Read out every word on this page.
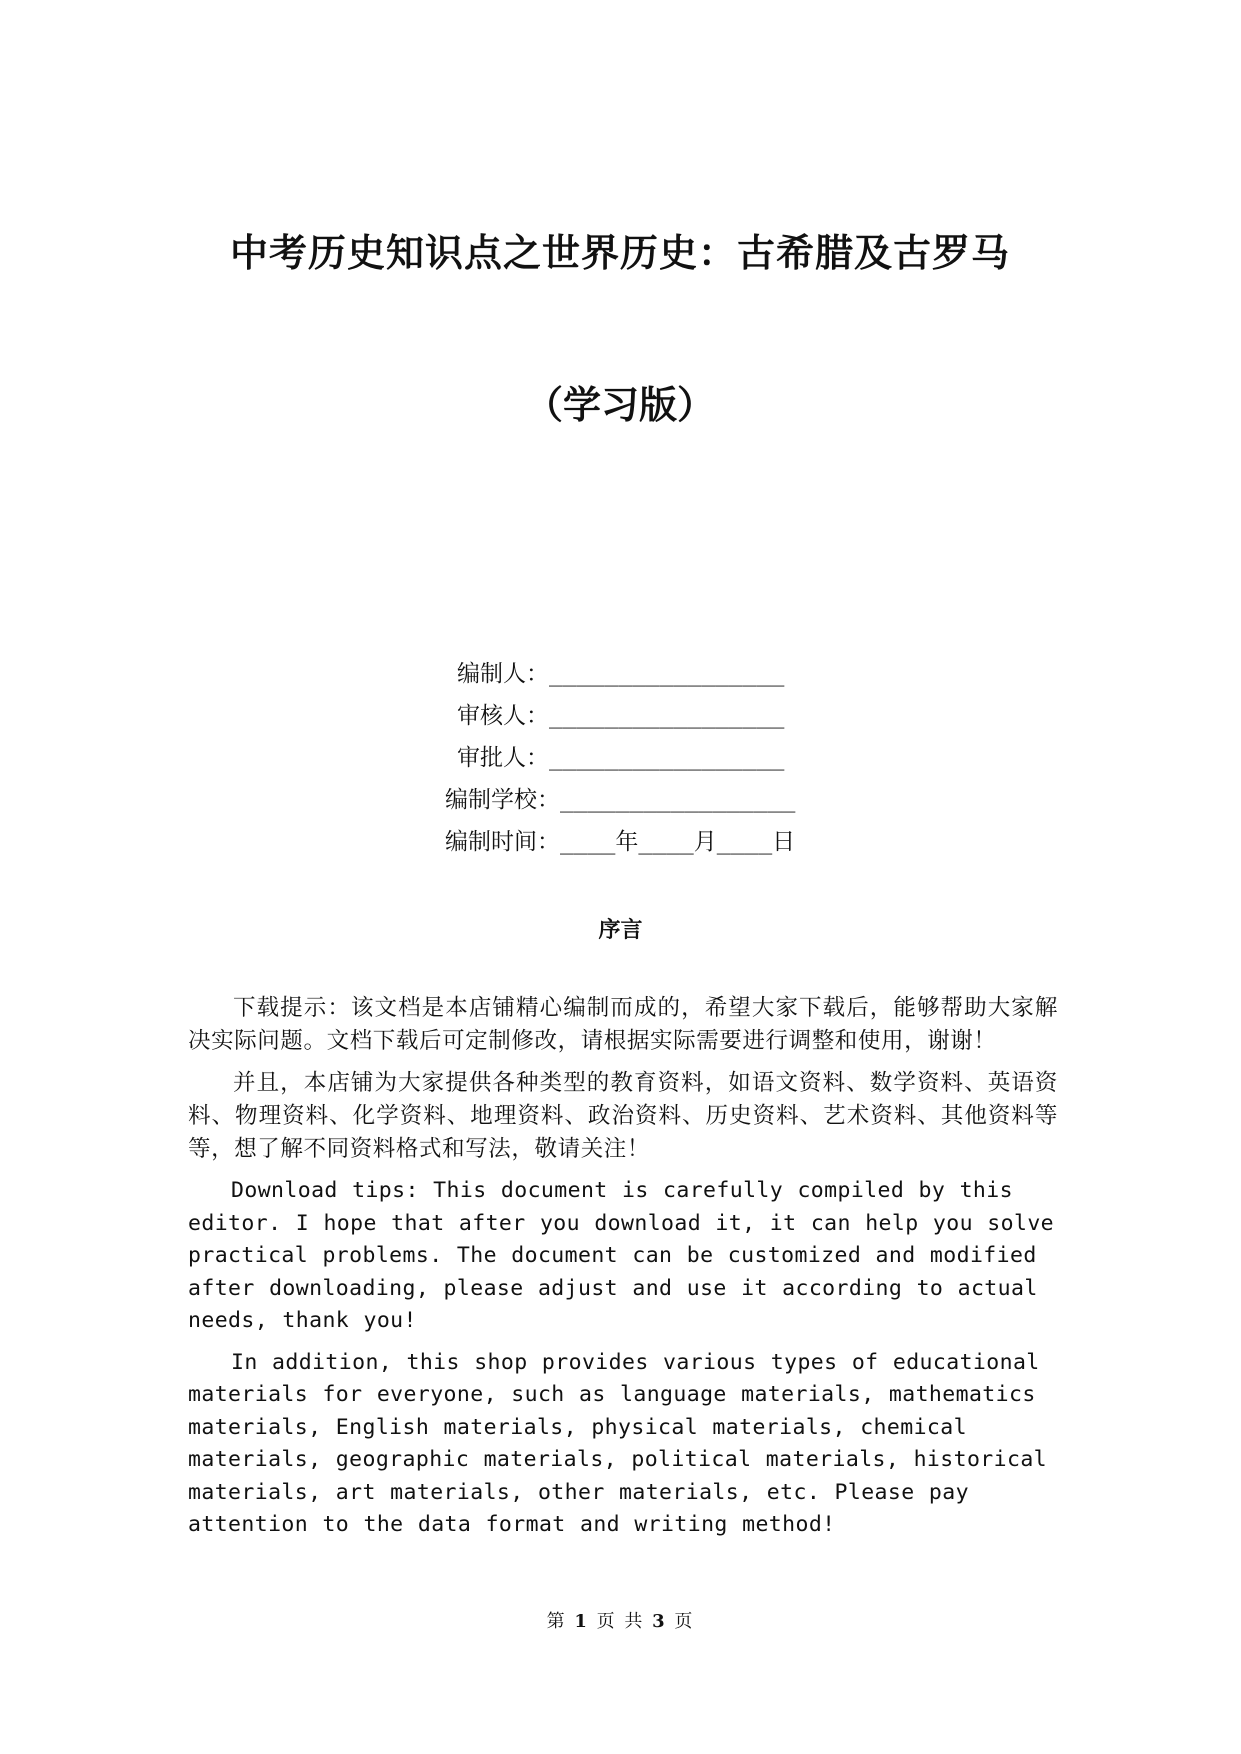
中考历史知识点之世界历史：古希腊及古罗马
（学习版）
编制人：_________________
审核人：_________________
审批人：_________________
编制学校：_________________
编制时间：____年____月____日
序言

下载提示：该文档是本店铺精心编制而成的，希望大家下载后，能够帮助大家解决实际问题。文档下载后可定制修改，请根据实际需要进行调整和使用，谢谢！

并且，本店铺为大家提供各种类型的教育资料，如语文资料、数学资料、英语资料、物理资料、化学资料、地理资料、政治资料、历史资料、艺术资料、其他资料等等，想了解不同资料格式和写法，敬请关注！

Download tips: This document is carefully compiled by this editor. I hope that after you download it, it can help you solve practical problems. The document can be customized and modified after downloading, please adjust and use it according to actual needs, thank you!

In addition, this shop provides various types of educational materials for everyone, such as language materials, mathematics materials, English materials, physical materials, chemical materials, geographic materials, political materials, historical materials, art materials, other materials, etc. Please pay attention to the data format and writing method!

第 1 页 共 3 页
